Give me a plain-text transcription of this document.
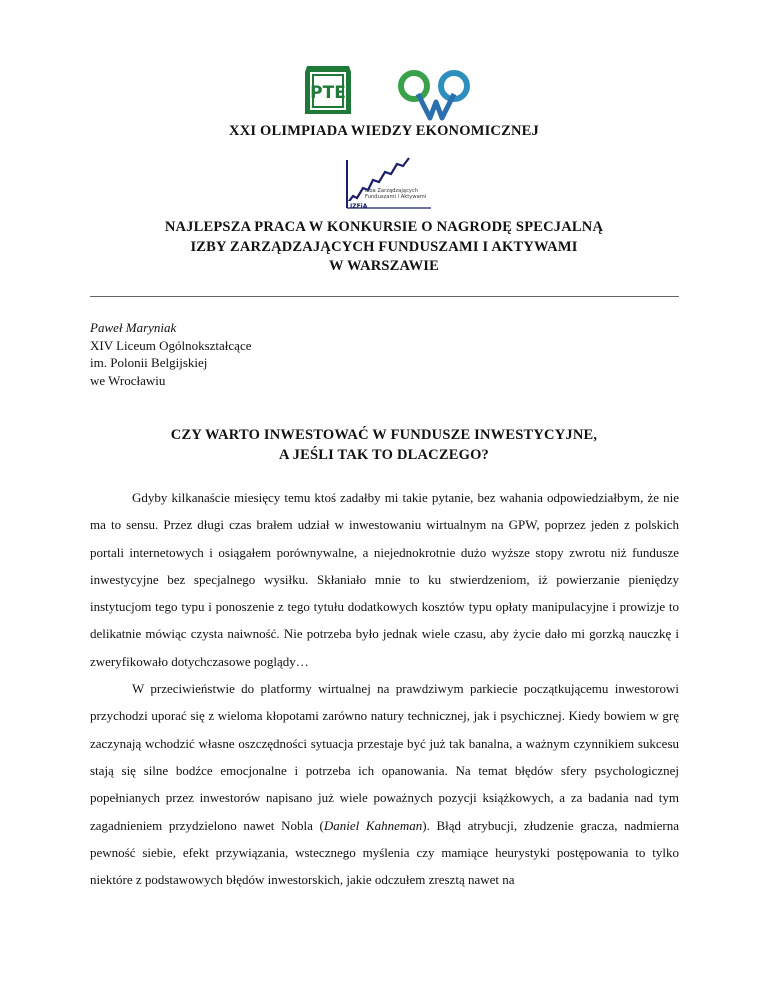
PTE
OWE
XXI OLIMPIADA WIEDZY EKONOMICZNEJ
Izba Zarządzających
Funduszami i Aktywami
IZFiA
NAJLEPSZA PRACA W KONKURSIE O NAGRODĘ SPECJALNĄ
IZBY ZARZĄDZAJĄCYCH FUNDUSZAMI I AKTYWAMI
W WARSZAWIE
Paweł Maryniak
XIV Liceum Ogólnokształcące
im. Polonii Belgijskiej
we Wrocławiu
CZY WARTO INWESTOWAĆ W FUNDUSZE INWESTYCYJNE,
A JEŚLI TAK TO DLACZEGO?

Gdyby kilkanaście miesięcy temu ktoś zadałby mi takie pytanie, bez wahania odpowiedziałbym, że nie ma to sensu. Przez długi czas brałem udział w inwestowaniu wirtualnym na GPW, poprzez jeden z polskich portali internetowych i osiągałem porównywalne, a niejednokrotnie dużo wyższe stopy zwrotu niż fundusze inwestycyjne bez specjalnego wysiłku. Skłaniało mnie to ku stwierdzeniom, iż powierzanie pieniędzy instytucjom tego typu i ponoszenie z tego tytułu dodatkowych kosztów typu opłaty manipulacyjne i prowizje to delikatnie mówiąc czysta naiwność. Nie potrzeba było jednak wiele czasu, aby życie dało mi gorzką nauczkę i zweryfikowało dotychczasowe poglądy…

W przeciwieństwie do platformy wirtualnej na prawdziwym parkiecie początkującemu inwestorowi przychodzi uporać się z wieloma kłopotami zarówno natury technicznej, jak i psychicznej. Kiedy bowiem w grę zaczynają wchodzić własne oszczędności sytuacja przestaje być już tak banalna, a ważnym czynnikiem sukcesu stają się silne bodźce emocjonalne i potrzeba ich opanowania. Na temat błędów sfery psychologicznej popełnianych przez inwestorów napisano już wiele poważnych pozycji książkowych, a za badania nad tym zagadnieniem przydzielono nawet Nobla (Daniel Kahneman). Błąd atrybucji, złudzenie gracza, nadmierna pewność siebie, efekt przywiązania, wstecznego myślenia czy mamiące heurystyki postępowania to tylko niektóre z podstawowych błędów inwestorskich, jakie odczułem zresztą nawet na
